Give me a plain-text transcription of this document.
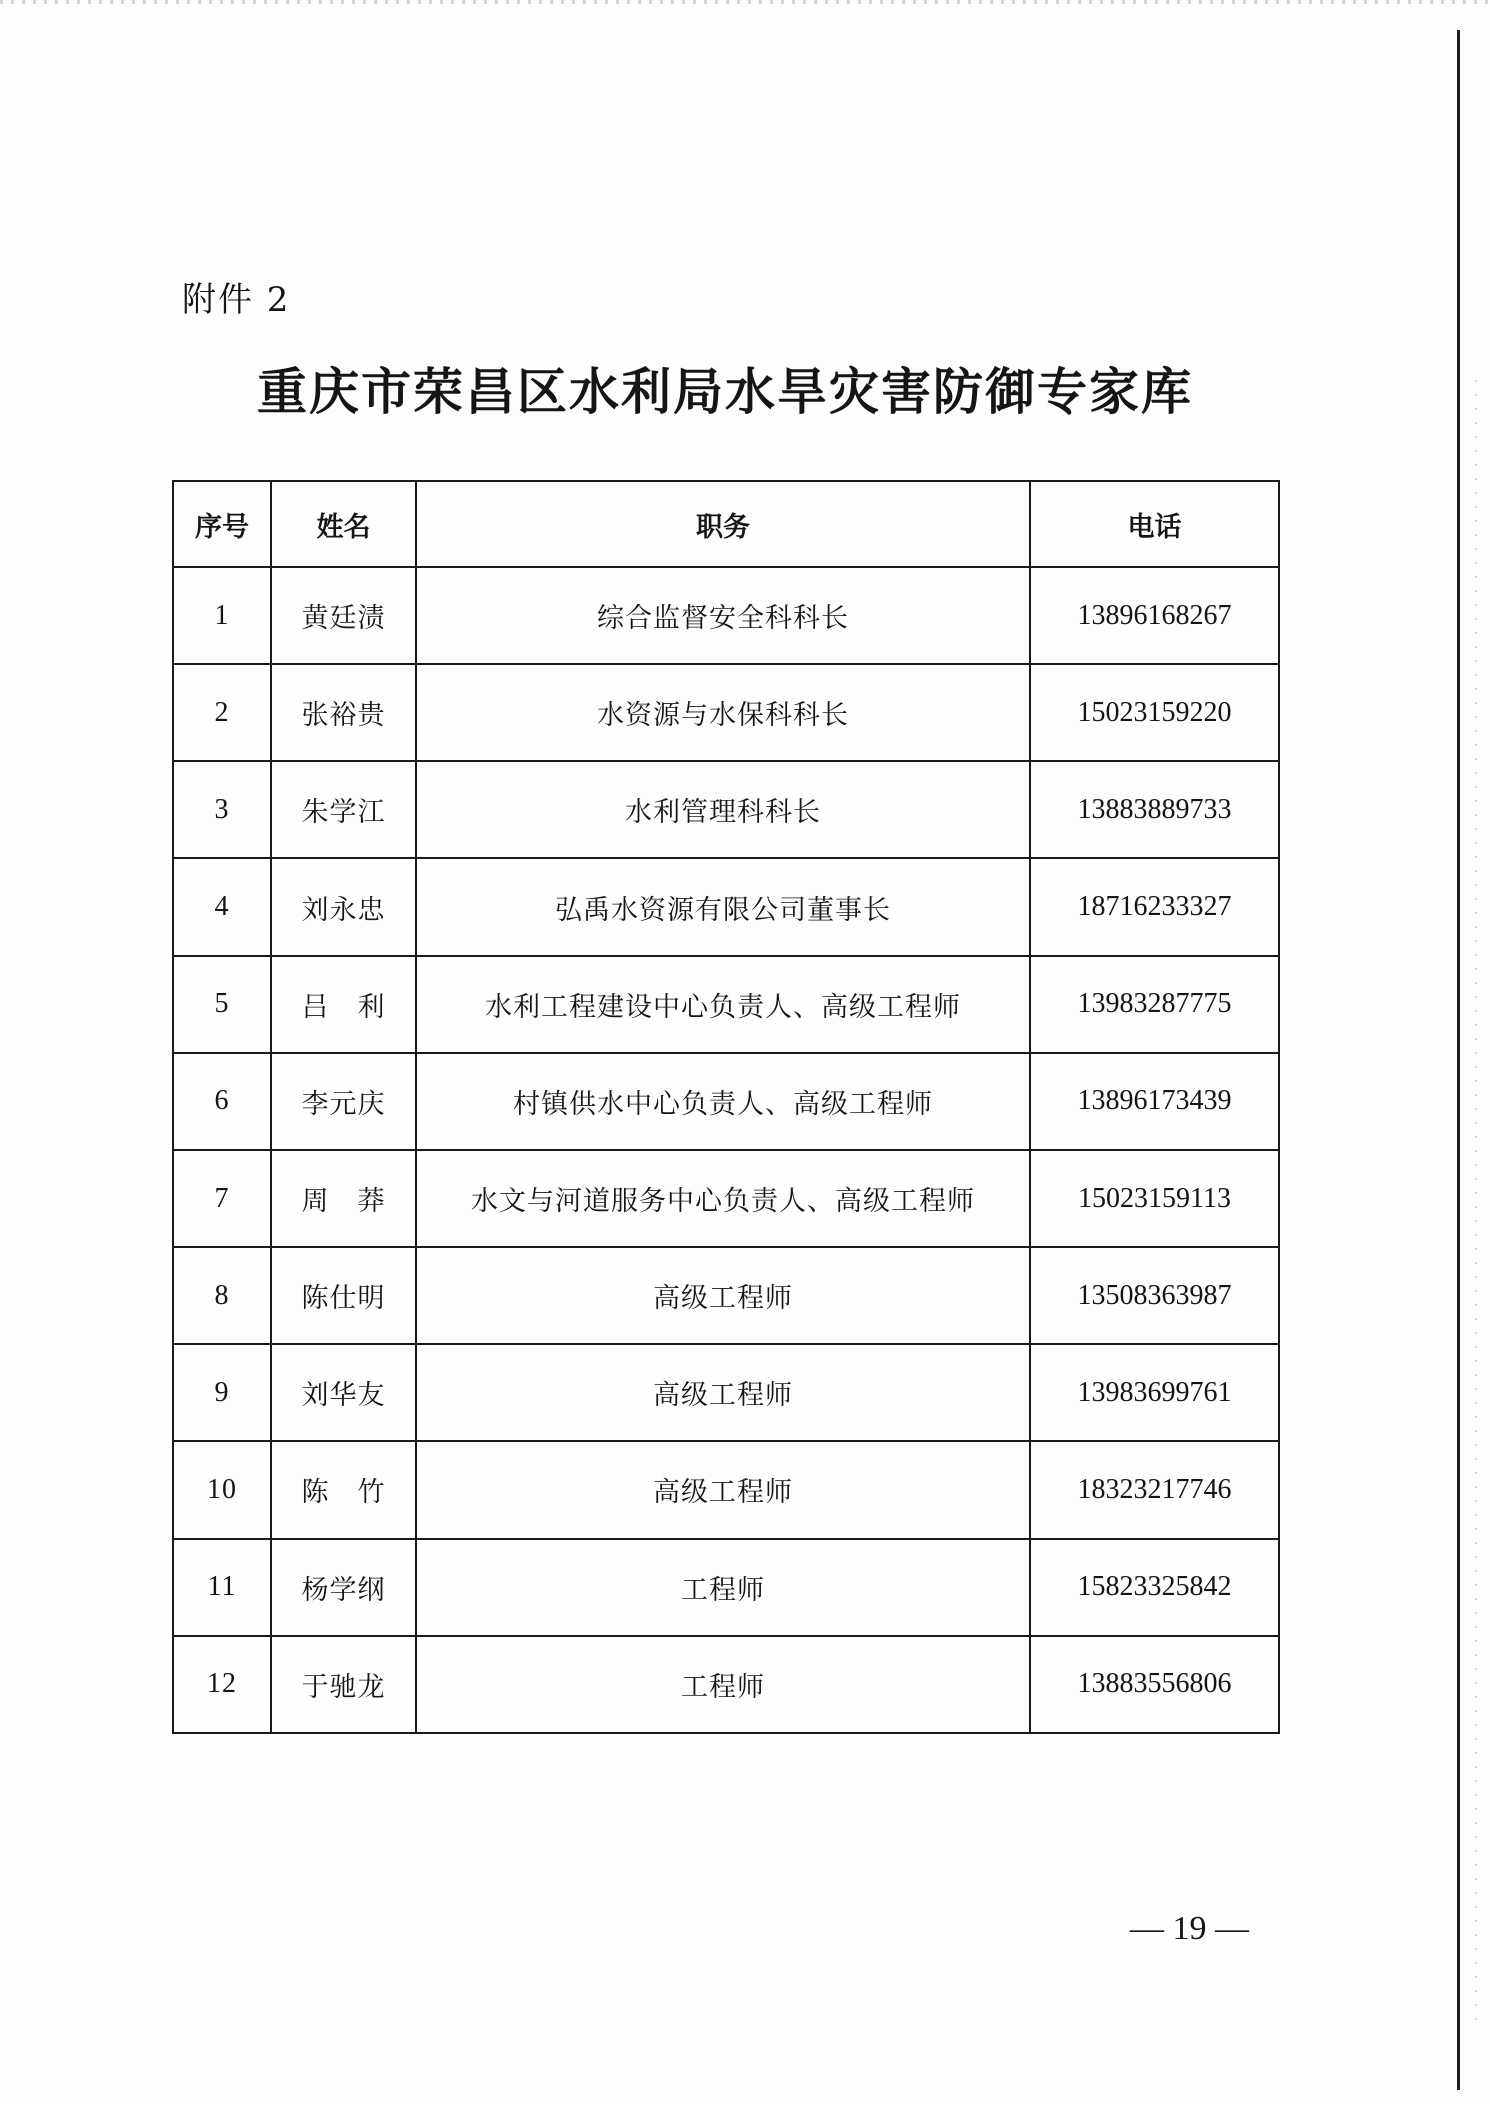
附件 2
重庆市荣昌区水利局水旱灾害防御专家库
序号	姓名	职务	电话
1	黄廷渍	综合监督安全科科长	13896168267
2	张裕贵	水资源与水保科科长	15023159220
3	朱学江	水利管理科科长	13883889733
4	刘永忠	弘禹水资源有限公司董事长	18716233327
5	吕　利	水利工程建设中心负责人、高级工程师	13983287775
6	李元庆	村镇供水中心负责人、高级工程师	13896173439
7	周　莽	水文与河道服务中心负责人、高级工程师	15023159113
8	陈仕明	高级工程师	13508363987
9	刘华友	高级工程师	13983699761
10	陈　竹	高级工程师	18323217746
11	杨学纲	工程师	15823325842
12	于驰龙	工程师	13883556806
— 19 —
